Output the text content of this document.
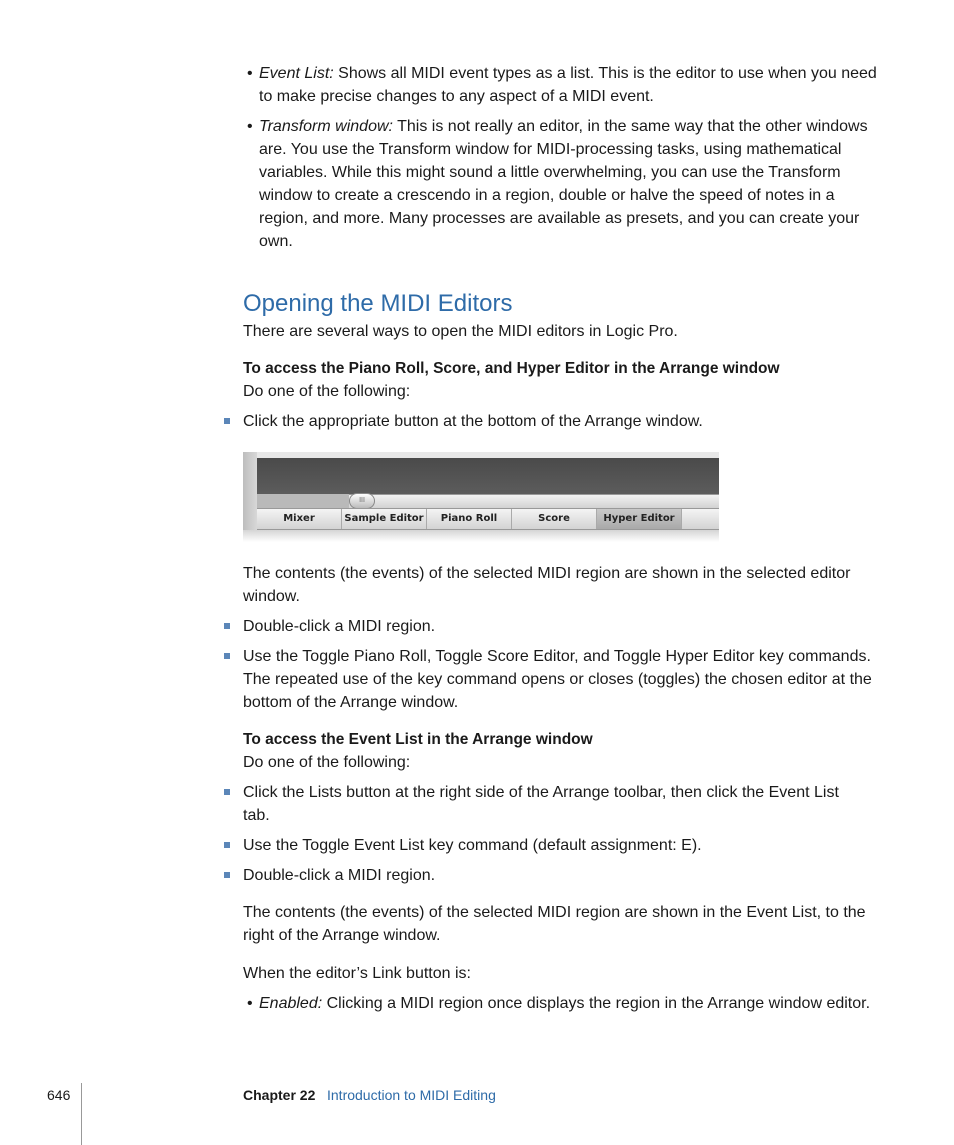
• Event List: Shows all MIDI event types as a list. This is the editor to use when you need
to make precise changes to any aspect of a MIDI event.
• Transform window: This is not really an editor, in the same way that the other windows
are. You use the Transform window for MIDI-processing tasks, using mathematical
variables. While this might sound a little overwhelming, you can use the Transform
window to create a crescendo in a region, double or halve the speed of notes in a
region, and more. Many processes are available as presets, and you can create your
own.
Opening the MIDI Editors
There are several ways to open the MIDI editors in Logic Pro.
To access the Piano Roll, Score, and Hyper Editor in the Arrange window
Do one of the following:
Click the appropriate button at the bottom of the Arrange window.
III
Mixer	Sample Editor	Piano Roll	Score	Hyper Editor
The contents (the events) of the selected MIDI region are shown in the selected editor
window.
Double-click a MIDI region.
Use the Toggle Piano Roll, Toggle Score Editor, and Toggle Hyper Editor key commands.
The repeated use of the key command opens or closes (toggles) the chosen editor at the
bottom of the Arrange window.
To access the Event List in the Arrange window
Do one of the following:
Click the Lists button at the right side of the Arrange toolbar, then click the Event List
tab.
Use the Toggle Event List key command (default assignment: E).
Double-click a MIDI region.
The contents (the events) of the selected MIDI region are shown in the Event List, to the
right of the Arrange window.
When the editor’s Link button is:
• Enabled: Clicking a MIDI region once displays the region in the Arrange window editor.
646	Chapter 22 Introduction to MIDI Editing
